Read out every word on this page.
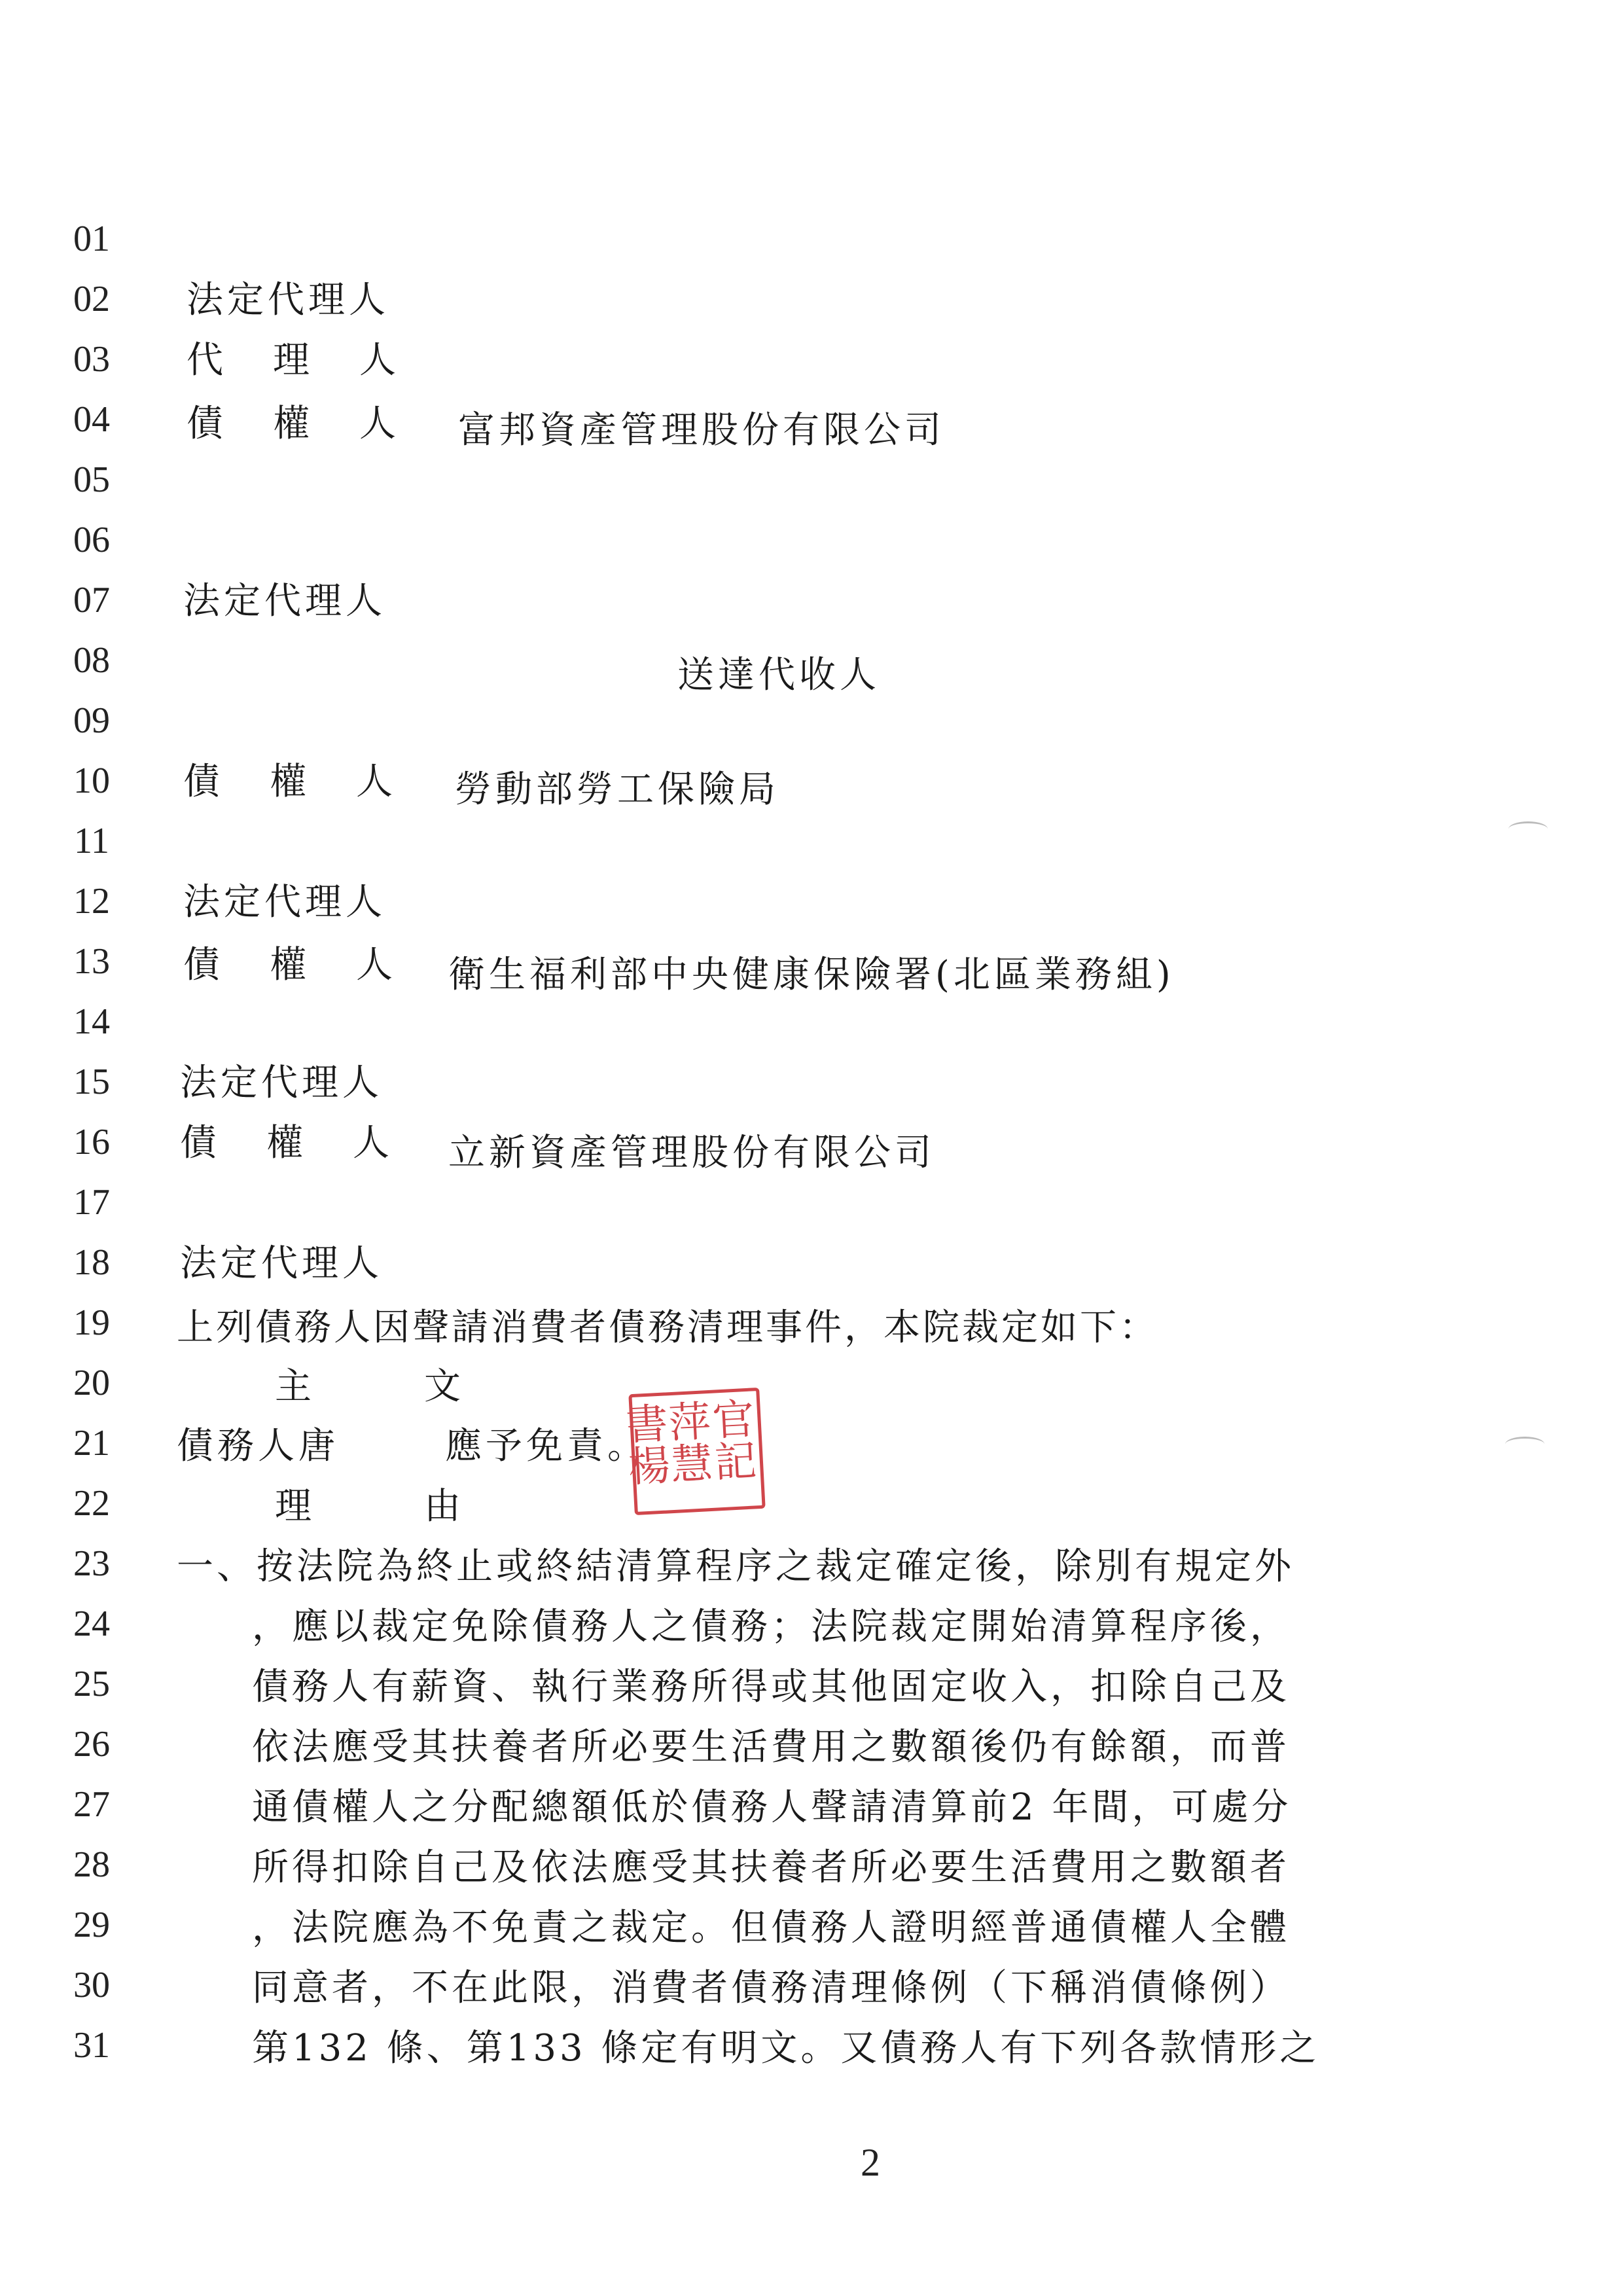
01
02
03
04
05
06
07
08
09
10
11
12
13
14
15
16
17
18
19
20
21
22
23
24
25
26
27
28
29
30
31
法定代理人
代　理　人
債　權　人 富邦資產管理股份有限公司
法定代理人
送達代收人
債　權　人 勞動部勞工保險局
法定代理人
債　權　人 衛生福利部中央健康保險署(北區業務組)
法定代理人
債　權　人 立新資產管理股份有限公司
法定代理人
上列債務人因聲請消費者債務清理事件，本院裁定如下：
主　　文
債務人唐	應予免責。 官記
萍慧
書楊
理　　由
一、按法院為終止或終結清算程序之裁定確定後，除別有規定外
，應以裁定免除債務人之債務；法院裁定開始清算程序後，
債務人有薪資、執行業務所得或其他固定收入，扣除自己及
依法應受其扶養者所必要生活費用之數額後仍有餘額，而普
通債權人之分配總額低於債務人聲請清算前2 年間，可處分
所得扣除自己及依法應受其扶養者所必要生活費用之數額者
，法院應為不免責之裁定。但債務人證明經普通債權人全體
同意者，不在此限，消費者債務清理條例（下稱消債條例）
第132 條、第133 條定有明文。又債務人有下列各款情形之
2
